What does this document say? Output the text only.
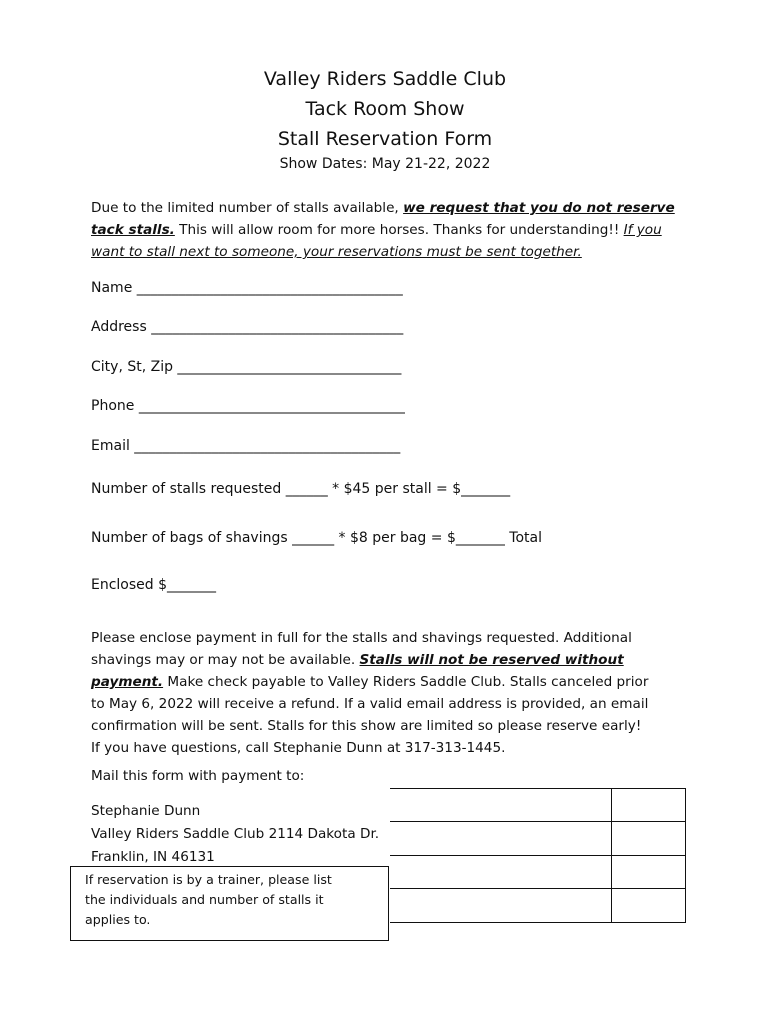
Valley Riders Saddle Club
Tack Room Show
Stall Reservation Form
Show Dates: May 21-22, 2022
Due to the limited number of stalls available, we request that you do not reserve
tack stalls. This will allow room for more horses. Thanks for understanding!! If you
want to stall next to someone, your reservations must be sent together.
Name ______________________________________
Address ____________________________________
City, St, Zip ________________________________
Phone ______________________________________
Email ______________________________________
Number of stalls requested ______ * $45 per stall = $_______
Number of bags of shavings ______ * $8 per bag = $_______ Total
Enclosed $_______
Please enclose payment in full for the stalls and shavings requested. Additional
shavings may or may not be available. Stalls will not be reserved without
payment. Make check payable to Valley Riders Saddle Club. Stalls canceled prior
to May 6, 2022 will receive a refund. If a valid email address is provided, an email
confirmation will be sent. Stalls for this show are limited so please reserve early!
If you have questions, call Stephanie Dunn at 317-313-1445.
Mail this form with payment to:
Stephanie Dunn
Valley Riders Saddle Club 2114 Dakota Dr.
Franklin, IN 46131
If reservation is by a trainer, please list
the individuals and number of stalls it
applies to.
